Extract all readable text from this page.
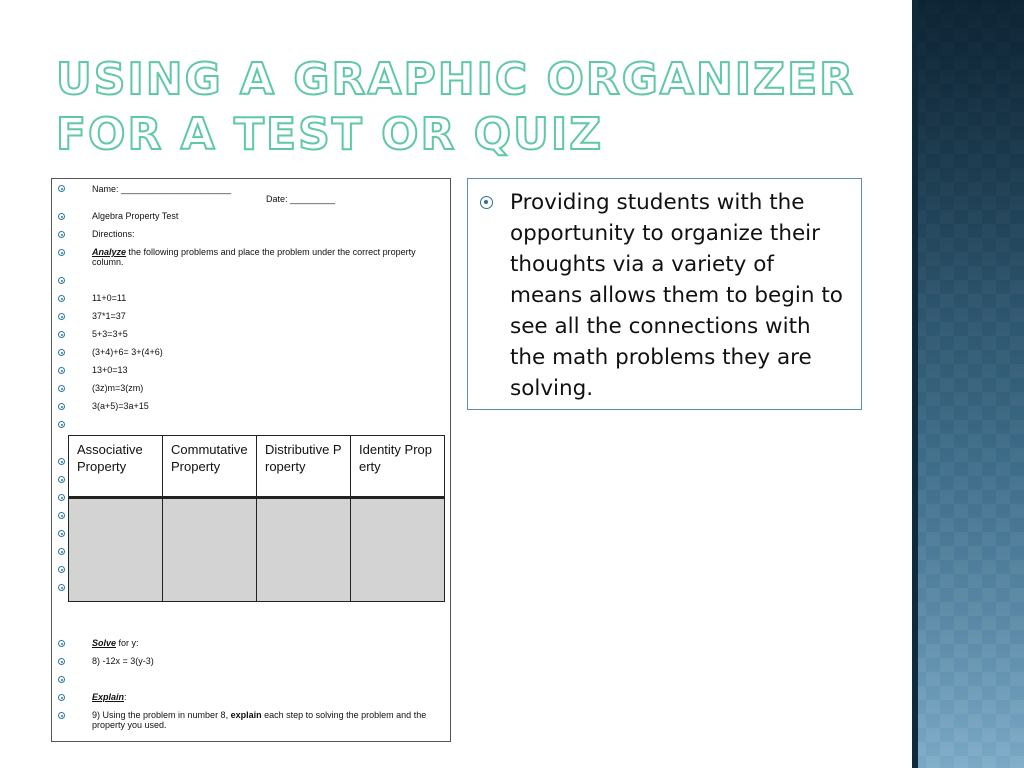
USING A GRAPHIC ORGANIZER FOR A TEST OR QUIZ
Name: ______________________
Date: _________
Algebra Property Test
Directions:
Analyze the following problems and place the problem under the correct property column.
11+0=11
37*1=37
5+3=3+5
(3+4)+6= 3+(4+6)
13+0=13
(3z)m=3(zm)
3(a+5)=3a+15
Associative Property	Commutative Property	Distributive Property	Identity Property

Solve for y:
8) -12x = 3(y-3)
Explain:
9) Using the problem in number 8, explain each step to solving the problem and the property you used.

Providing students with the opportunity to organize their thoughts via a variety of means allows them to begin to see all the connections with the math problems they are solving.
